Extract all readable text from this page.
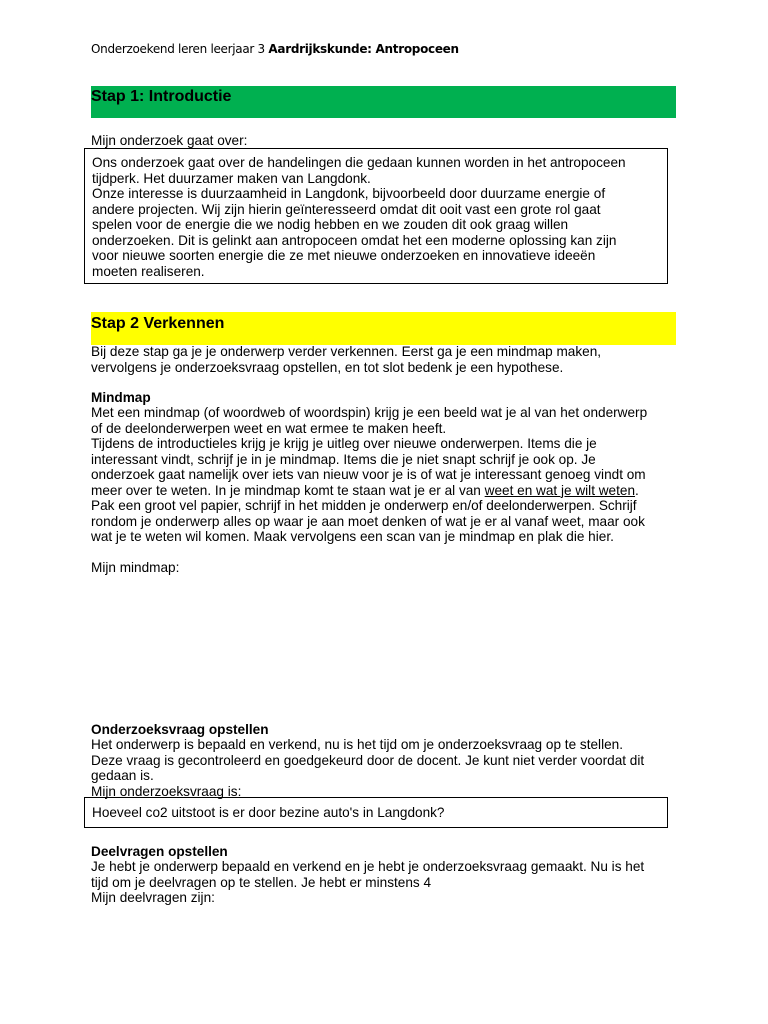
Onderzoekend leren leerjaar 3 Aardrijkskunde: Antropoceen
Stap 1: Introductie
Mijn onderzoek gaat over:

Ons onderzoek gaat over de handelingen die gedaan kunnen worden in het antropoceen

tijdperk. Het duurzamer maken van Langdonk.

Onze interesse is duurzaamheid in Langdonk, bijvoorbeeld door duurzame energie of

andere projecten. Wij zijn hierin geïnteresseerd omdat dit ooit vast een grote rol gaat

spelen voor de energie die we nodig hebben en we zouden dit ook graag willen

onderzoeken. Dit is gelinkt aan antropoceen omdat het een moderne oplossing kan zijn

voor nieuwe soorten energie die ze met nieuwe onderzoeken en innovatieve ideeën

moeten realiseren.

Stap 2 Verkennen

Bij deze stap ga je je onderwerp verder verkennen. Eerst ga je een mindmap maken,

vervolgens je onderzoeksvraag opstellen, en tot slot bedenk je een hypothese.

Mindmap

Met een mindmap (of woordweb of woordspin) krijg je een beeld wat je al van het onderwerp

of de deelonderwerpen weet en wat ermee te maken heeft.

Tijdens de introductieles krijg je krijg je uitleg over nieuwe onderwerpen. Items die je

interessant vindt, schrijf je in je mindmap. Items die je niet snapt schrijf je ook op. Je

onderzoek gaat namelijk over iets van nieuw voor je is of wat je interessant genoeg vindt om

meer over te weten. In je mindmap komt te staan wat je er al van weet en wat je wilt weten.

Pak een groot vel papier, schrijf in het midden je onderwerp en/of deelonderwerpen. Schrijf

rondom je onderwerp alles op waar je aan moet denken of wat je er al vanaf weet, maar ook

wat je te weten wil komen. Maak vervolgens een scan van je mindmap en plak die hier.

Mijn mindmap:
Onderzoeksvraag opstellen

Het onderwerp is bepaald en verkend, nu is het tijd om je onderzoeksvraag op te stellen.

Deze vraag is gecontroleerd en goedgekeurd door de docent. Je kunt niet verder voordat dit

gedaan is.

Mijn onderzoeksvraag is:

Hoeveel co2 uitstoot is er door bezine auto's in Langdonk?

Deelvragen opstellen

Je hebt je onderwerp bepaald en verkend en je hebt je onderzoeksvraag gemaakt. Nu is het

tijd om je deelvragen op te stellen. Je hebt er minstens 4

Mijn deelvragen zijn:
